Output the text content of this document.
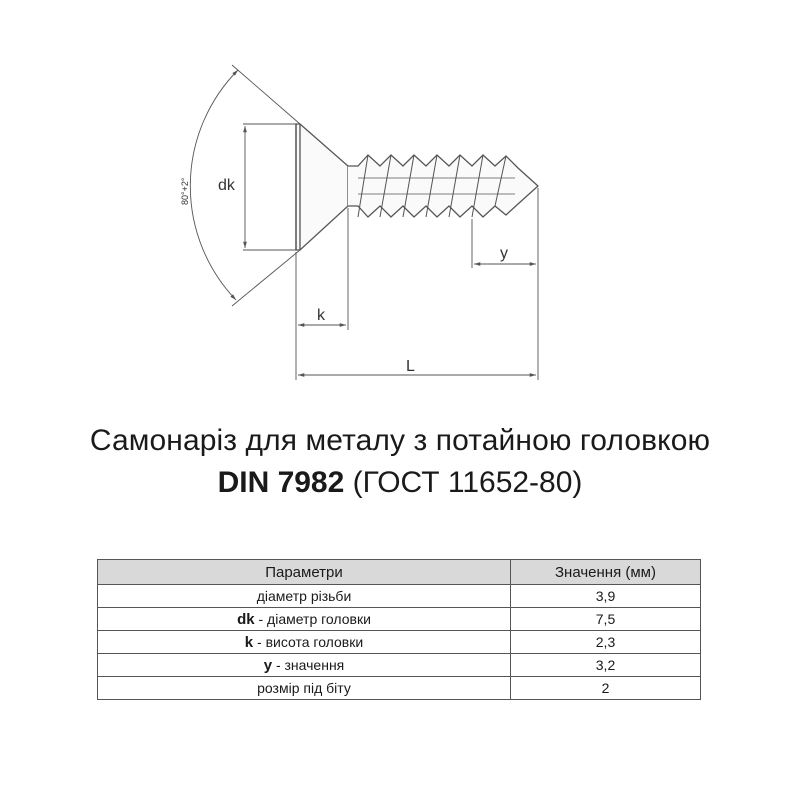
80°+2° dk
y
k
L
Самонаріз для металу з потайною головкою
DIN 7982 (ГОСТ 11652-80)
Параметри	Значення (мм)
діаметр різьби	3,9
dk - діаметр головки	7,5
k - висота головки	2,3
y - значення	3,2
розмір під біту	2
